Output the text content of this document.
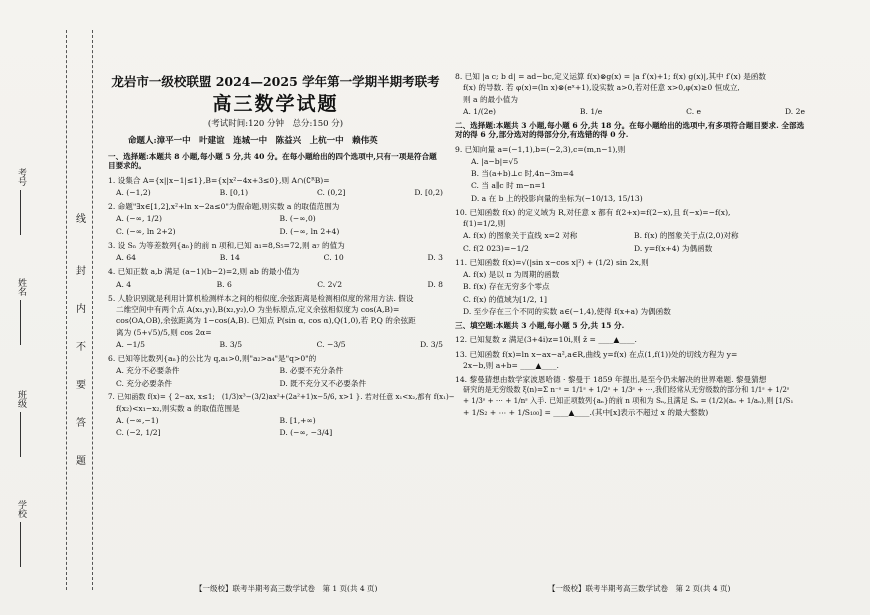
考号
姓名
班级
学校
线
封
内
不
要
答
题
龙岩市一级校联盟 2024—2025 学年第一学期半期考联考
高三数学试题
(考试时间:120 分钟　总分:150 分)
命题人:漳平一中　叶建谊　连城一中　陈益兴　上杭一中　赖伟英

一、选择题:本题共 8 小题,每小题 5 分,共 40 分。在每小题给出的四个选项中,只有一项是符合题目要求的。

1. 设集合 A={x||x−1|≤1},B={x|x²−4x+3≤0},则 A∩(∁ᴿB)=

A. (−1,2)	B. [0,1)	C. (0,2]	D. [0,2)

2. 命题"∃x∈[1,2],x²+ln x−2a≤0"为假命题,则实数 a 的取值范围为

A. (−∞, 1/2)	B. (−∞,0)
C. (−∞, ln 2+2)	D. (−∞, ln 2+4)

3. 设 Sₙ 为等差数列{aₙ}的前 n 项和,已知 a₁=8,S₅=72,则 a₇ 的值为

A. 64	B. 14	C. 10	D. 3

4. 已知正数 a,b 满足 (a−1)(b−2)=2,则 ab 的最小值为

A. 4	B. 6	C. 2√2	D. 8

5. 人脸识别就是利用计算机检测样本之间的相似度,余弦距离是检测相似度的常用方法. 假设

二维空间中有两个点 A(x₁,y₁),B(x₂,y₂),O 为坐标原点,定义余弦相似度为 cos(A,B)=

cos⟨OA,OB⟩,余弦距离为 1−cos(A,B). 已知点 P(sin α, cos α),Q(1,0),若 P,Q 的余弦距

离为 (5+√5)/5,则 cos 2α=

A. −1/5	B. 3/5	C. −3/5	D. 3/5

6. 已知等比数列{aₙ}的公比为 q,a₁>0,则"a₂>a₄"是"q>0"的

A. 充分不必要条件	B. 必要不充分条件
C. 充分必要条件	D. 既不充分又不必要条件

7. 已知函数 f(x)= { 2−ax, x≤1;　(1/3)x³−(3/2)ax²+(2a²+1)x−5/6, x>1 }. 若对任意 x₁<x₂,都有 f(x₁)−

f(x₂)<x₁−x₂,则实数 a 的取值范围是

A. (−∞,−1)	B. [1,+∞)
C. (−2, 1/2]	D. (−∞, −3/4]
【一级校】联考半期考高三数学试卷　第 1 页(共 4 页)

8. 已知 |a c; b d| = ad−bc,定义运算 f(x)⊗g(x) = |a f′(x)+1; f(x) g(x)|,其中 f′(x) 是函数

f(x) 的导数. 若 φ(x)=(ln x)⊗(eˣ+1),设实数 a>0,若对任意 x>0,φ(x)≥0 恒成立,

则 a 的最小值为

A. 1/(2e)	B. 1/e	C. e	D. 2e

二、选择题:本题共 3 小题,每小题 6 分,共 18 分。在每小题给出的选项中,有多项符合题目要求. 全部选对的得 6 分,部分选对的得部分分,有选错的得 0 分.

9. 已知向量 a=(−1,1),b=(−2,3),c=(m,n−1),则

A. |a−b|=√5

B. 当(a+b)⊥c 时,4n−3m=4

C. 当 a∥c 时 m−n=1

D. a 在 b 上的投影向量的坐标为(−10/13, 15/13)

10. 已知函数 f(x) 的定义域为 R,对任意 x 都有 f(2+x)=f(2−x),且 f(−x)=−f(x),

f(1)=1/2,则

A. f(x) 的图象关于直线 x=2 对称	B. f(x) 的图象关于点(2,0)对称
C. f(2 023)=−1/2	D. y=f(x+4) 为偶函数

11. 已知函数 f(x)=√(|sin x−cos x|²) + (1/2) sin 2x,则

A. f(x) 是以 π 为周期的函数

B. f(x) 存在无穷多个零点

C. f(x) 的值域为[1/2, 1]

D. 至少存在三个不同的实数 a∈(−1,4),使得 f(x+a) 为偶函数

三、填空题:本题共 3 小题,每小题 5 分,共 15 分.

12. 已知复数 z 满足(3+4i)z=10i,则 z̄ = ____▲____.

13. 已知函数 f(x)=ln x−ax−a²,a∈R,曲线 y=f(x) 在点(1,f(1))处的切线方程为 y=

2x−b,则 a+b= ____▲____.

14. 黎曼猜想由数学家波恩哈德 · 黎曼于 1859 年提出,是至今仍未解决的世界难题. 黎曼猜想

研究的是无穷级数 ξ(n)=Σ n⁻ˢ = 1/1ˢ + 1/2ˢ + 1/3ˢ + ⋯,我们经常从无穷级数的部分和 1/1ˢ + 1/2ˢ

+ 1/3ˢ + ⋯ + 1/nˢ 入手. 已知正项数列{aₙ}的前 n 项和为 Sₙ,且满足 Sₙ = (1/2)(aₙ + 1/aₙ),则 [1/S₁

+ 1/S₂ + ⋯ + 1/S₁₀₀] = ____▲____.(其中[x]表示不超过 x 的最大整数)

【一级校】联考半期考高三数学试卷　第 2 页(共 4 页)
